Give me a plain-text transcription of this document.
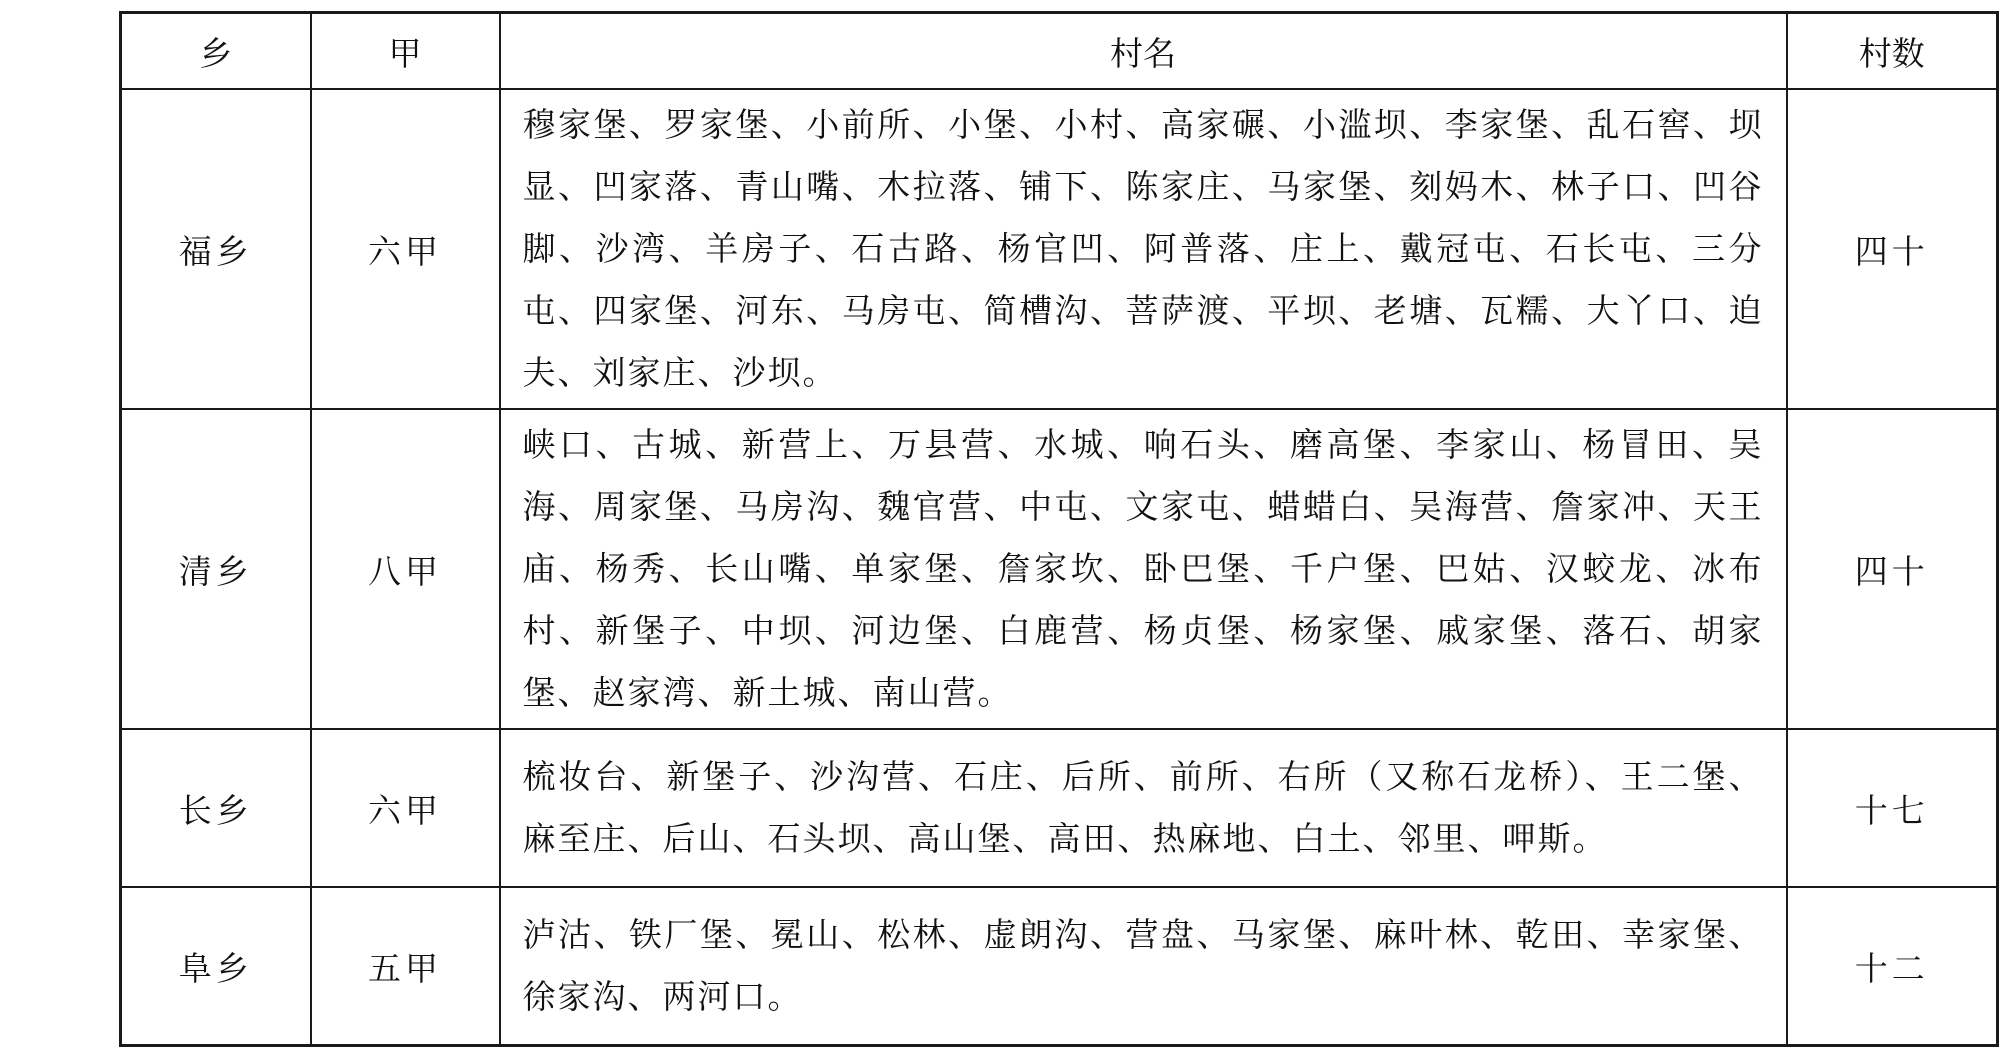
乡	甲	村名	村数
福乡	六甲	穆家堡、罗家堡、小前所、小堡、小村、高家碾、小滥坝、李家堡、乱石窖、坝显、凹家落、青山嘴、木拉落、铺下、陈家庄、马家堡、刻妈木、林子口、凹谷脚、沙湾、羊房子、石古路、杨官凹、阿普落、庄上、戴冠屯、石长屯、三分屯、四家堡、河东、马房屯、简槽沟、菩萨渡、平坝、老塘、瓦糯、大丫口、迫夫、刘家庄、沙坝。	四十
清乡	八甲	峡口、古城、新营上、万县营、水城、响石头、磨高堡、李家山、杨冒田、吴海、周家堡、马房沟、魏官营、中屯、文家屯、蜡蜡白、吴海营、詹家冲、天王庙、杨秀、长山嘴、单家堡、詹家坎、卧巴堡、千户堡、巴姑、汉蛟龙、冰布村、新堡子、中坝、河边堡、白鹿营、杨贞堡、杨家堡、戚家堡、落石、胡家堡、赵家湾、新土城、南山营。	四十
长乡	六甲	梳妆台、新堡子、沙沟营、石庄、后所、前所、右所（又称石龙桥）、王二堡、麻至庄、后山、石头坝、高山堡、高田、热麻地、白土、邻里、呷斯。	十七
阜乡	五甲	泸沽、铁厂堡、冕山、松林、虚朗沟、营盘、马家堡、麻叶林、乾田、幸家堡、徐家沟、两河口。	十二
